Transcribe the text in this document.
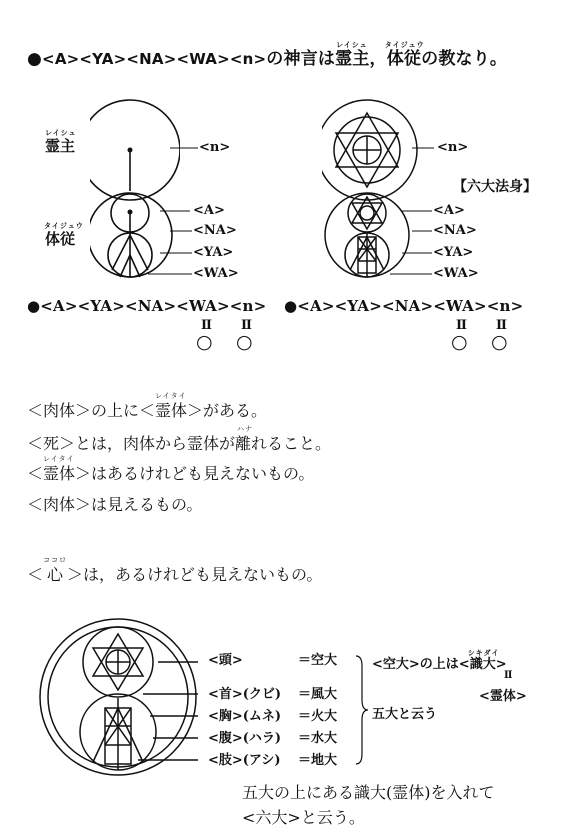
●<A><YA><NA><WA><n>の神言は
レイシュ
霊主，
タイジュウ
体従の教なり。
レイシュ
霊主
タイジュウ
体従
<n>
<A>
<NA>
<YA>
<WA>
●<A><YA><NA><WA><n>
Ⅱ Ⅱ
○ ○
<n>
【六大法身】
<A>
<NA>
<YA>
<WA>
●<A><YA><NA><WA><n>
Ⅱ Ⅱ
○ ○
＜肉体＞の上に＜
レイタイ
霊体＞がある。
＜死＞とは，肉体から霊体が
ハナ
離れること。
＜
レイタイ
霊体＞はあるけれども見えないもの。
＜肉体＞は見えるもの。
＜
ココロ
心 ＞は，あるけれども見えないもの。
<頭>	＝空大
<首>(クビ) ＝風大
<胸>(ムネ) ＝火大
<腹>(ハラ) ＝水大
<肢>(アシ) ＝地大
<空大>の上は<
シキダイ
識大>
Ⅱ
<霊体>
五大と云う
五大の上にある識大(霊体)を入れて
<六大>と云う。
